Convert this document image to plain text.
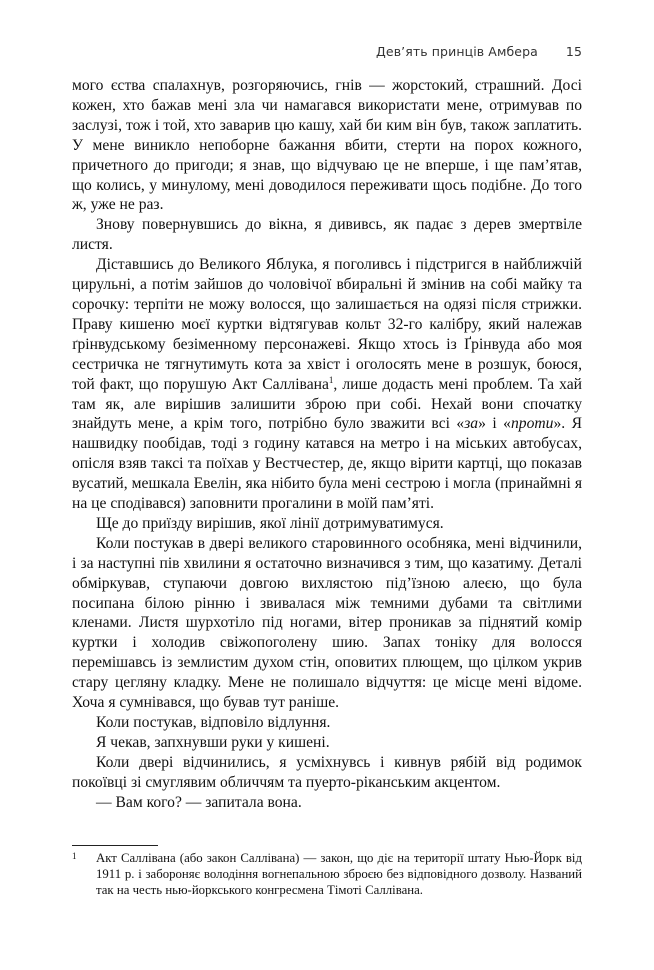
Дев’ять принців Амбера 15

мого єства спалахнув, розгоряючись, гнів — жорстокий, страшний. Досі кожен, хто бажав мені зла чи намагався використати мене, отримував по заслузі, тож і той, хто заварив цю кашу, хай би ким він був, також заплатить. У мене виникло непоборне бажання вбити, стерти на порох кожного, причетного до пригоди; я знав, що відчуваю це не вперше, і ще пам’ятав, що колись, у минулому, мені доводилося переживати щось подібне. До того ж, уже не раз.

Знову повернувшись до вікна, я дививсь, як падає з дерев змертвіле листя.

Діставшись до Великого Яблука, я поголивсь і підстригся в найближчій цирульні, а потім зайшов до чоловічої вбиральні й змінив на собі майку та сорочку: терпіти не можу волосся, що залишається на одязі після стрижки. Праву кишеню моєї куртки відтягував кольт 32-го калібру, який належав ґрінвудському безіменному персонажеві. Якщо хтось із Ґрінвуда або моя сестричка не тягнутимуть кота за хвіст і оголосять мене в розшук, боюся, той факт, що порушую Акт Саллівана$^1$, лише додасть мені проблем. Та хай там як, але вирішив залишити зброю при собі. Нехай вони спочатку знайдуть мене, а крім того, потрібно було зважити всі «за» і «проти». Я нашвидку пообідав, тоді з годину катався на метро і на міських автобусах, опісля взяв таксі та поїхав у Вестчестер, де, якщо вірити картці, що показав вусатий, мешкала Евелін, яка нібито була мені сестрою і могла (принаймні я на це сподівався) заповнити прогалини в моїй пам’яті.

Ще до приїзду вирішив, якої лінії дотримуватимуся.

Коли постукав в двері великого старовинного особняка, мені відчинили, і за наступні пів хвилини я остаточно визначився з тим, що казатиму. Деталі обміркував, ступаючи довгою вихлястою під’їзною алеєю, що була посипана білою рінню і звивалася між темними дубами та світлими кленами. Листя шурхотіло під ногами, вітер проникав за піднятий комір куртки і холодив свіжопоголену шию. Запах тоніку для волосся перемішавсь із землистим духом стін, оповитих плющем, що цілком укрив стару цегляну кладку. Мене не полишало відчуття: це місце мені відоме. Хоча я сумнівався, що бував тут раніше.

Коли постукав, відповіло відлуння.

Я чекав, запхнувши руки у кишені.

Коли двері відчинились, я усміхнувсь і кивнув рябій від родимок покоївці зі смуглявим обличчям та пуерто-ріканським акцентом.

— Вам кого? — запитала вона.

1 Акт Саллівана (або закон Саллівана) — закон, що діє на території штату Нью-Йорк від 1911 р. і забороняє володіння вогнепальною зброєю без відповідного дозволу. Названий так на честь нью-йоркського конгресмена Тімоті Саллівана.
